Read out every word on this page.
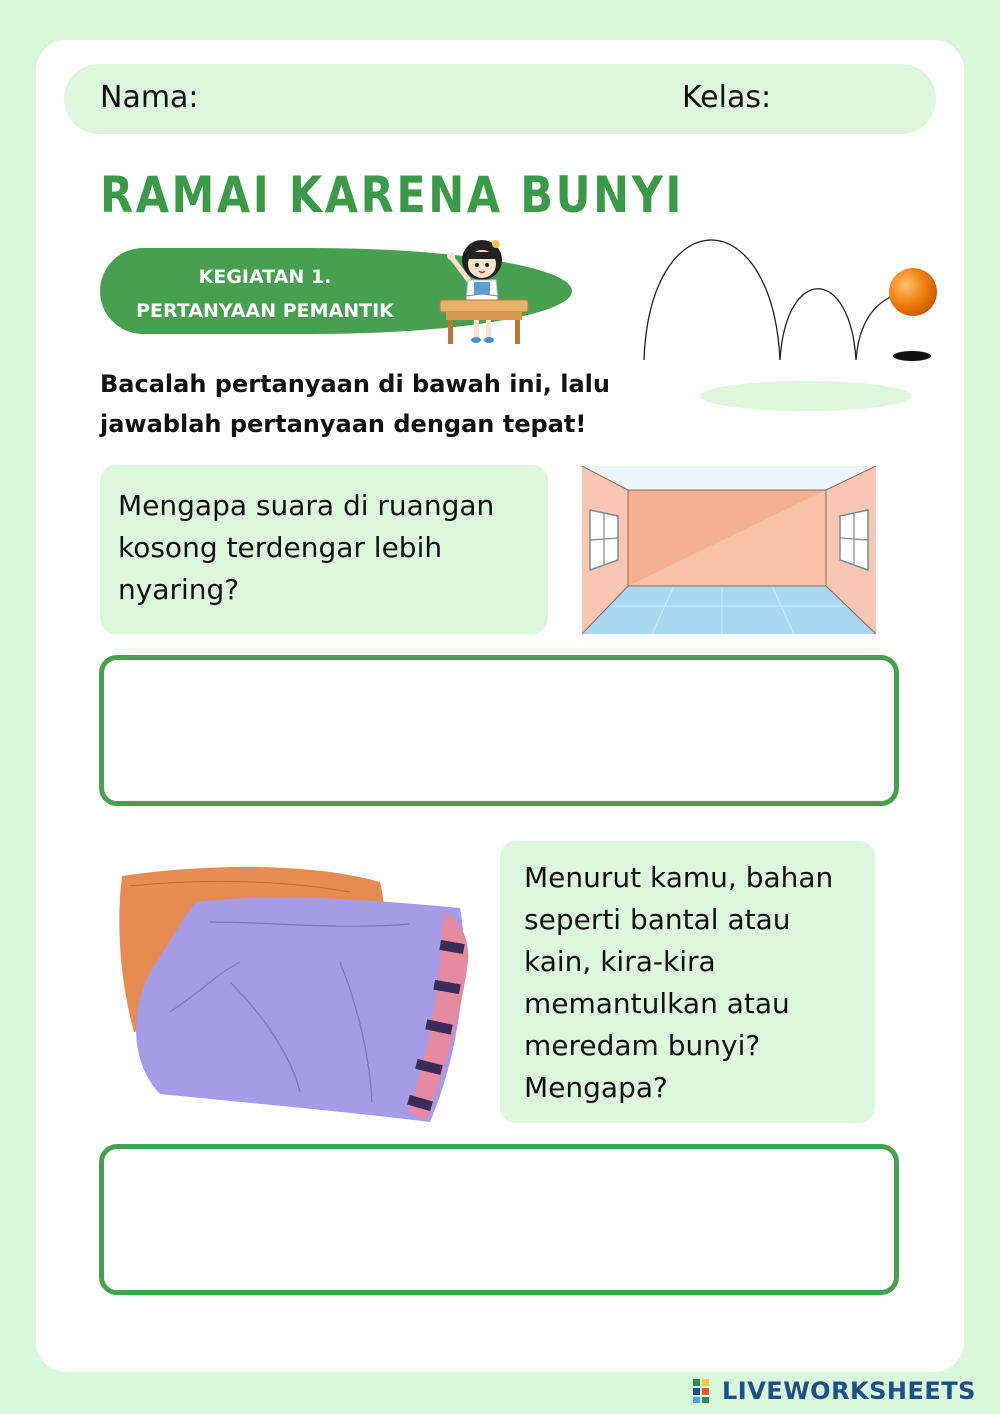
Nama:	Kelas:
RAMAI KARENA BUNYI
KEGIATAN 1.
PERTANYAAN PEMANTIK
Bacalah pertanyaan di bawah ini, lalu
jawablah pertanyaan dengan tepat!
Mengapa suara di ruangan kosong terdengar lebih nyaring?
Menurut kamu, bahan seperti bantal atau kain, kira-kira memantulkan atau meredam bunyi? Mengapa?
LIVEWORKSHEETS
